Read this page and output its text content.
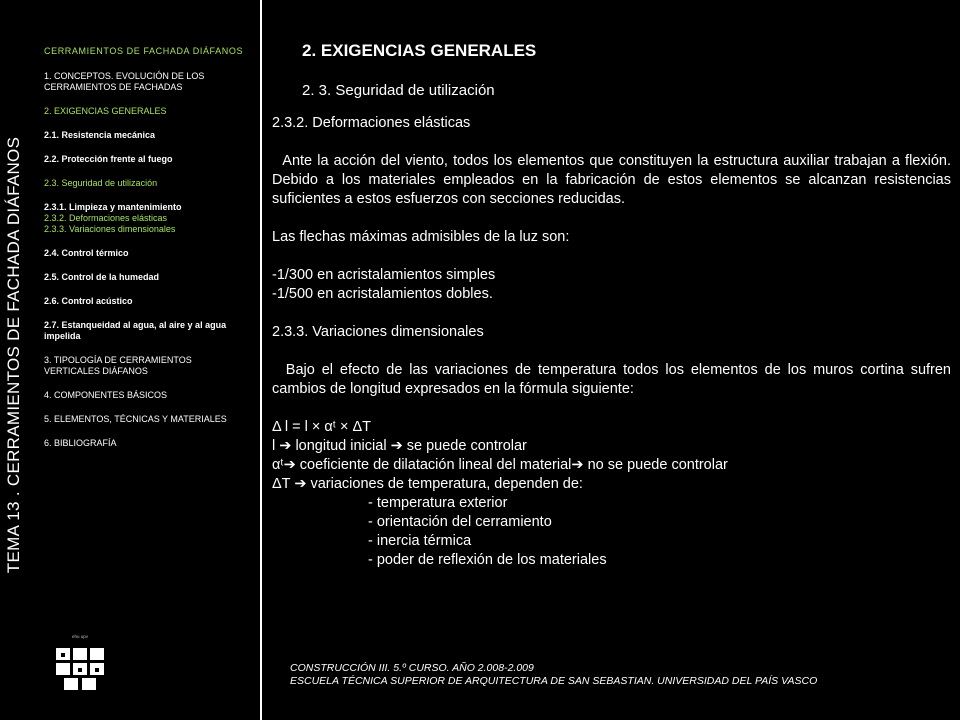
TEMA 13 . CERRAMIENTOS DE FACHADA DIÁFANOS
CERRAMIENTOS DE FACHADA DIÁFANOS
1. CONCEPTOS. EVOLUCIÓN DE LOS CERRAMIENTOS DE FACHADAS
2. EXIGENCIAS GENERALES
2.1. Resistencia mecánica
2.2. Protección frente al fuego
2.3. Seguridad de utilización
2.3.1. Limpieza y mantenimiento
2.3.2. Deformaciones elásticas
2.3.3. Variaciones dimensionales
2.4. Control térmico
2.5. Control de la humedad
2.6. Control acústico
2.7. Estanqueidad al agua, al aire y al agua impelida
3. TIPOLOGÍA DE CERRAMIENTOS VERTICALES DIÁFANOS
4. COMPONENTES BÁSICOS
5. ELEMENTOS, TÉCNICAS Y MATERIALES
6. BIBLIOGRAFÍA
ehu upv
2. EXIGENCIAS GENERALES
2. 3. Seguridad de utilización

2.3.2. Deformaciones elásticas

Ante la acción del viento, todos los elementos que constituyen la estructura auxiliar trabajan a flexión. Debido a los materiales empleados en la fabricación de estos elementos se alcanzan resistencias suficientes a estos esfuerzos con secciones reducidas.

Las flechas máximas admisibles de la luz son:

-1/300 en acristalamientos simples

-1/500 en acristalamientos dobles.

2.3.3. Variaciones dimensionales

Bajo el efecto de las variaciones de temperatura todos los elementos de los muros cortina sufren cambios de longitud expresados en la fórmula siguiente:

Δ l = l × αᵗ × ΔT

l ➔ longitud inicial ➔ se puede controlar

αᵗ➔ coeficiente de dilatación lineal del material➔ no se puede controlar

ΔT ➔ variaciones de temperatura, dependen de:

- temperatura exterior

- orientación del cerramiento

- inercia térmica

- poder de reflexión de los materiales

CONSTRUCCIÓN III. 5.º CURSO. AÑO 2.008-2.009
ESCUELA TÉCNICA SUPERIOR DE ARQUITECTURA DE SAN SEBASTIAN. UNIVERSIDAD DEL PAÍS VASCO
